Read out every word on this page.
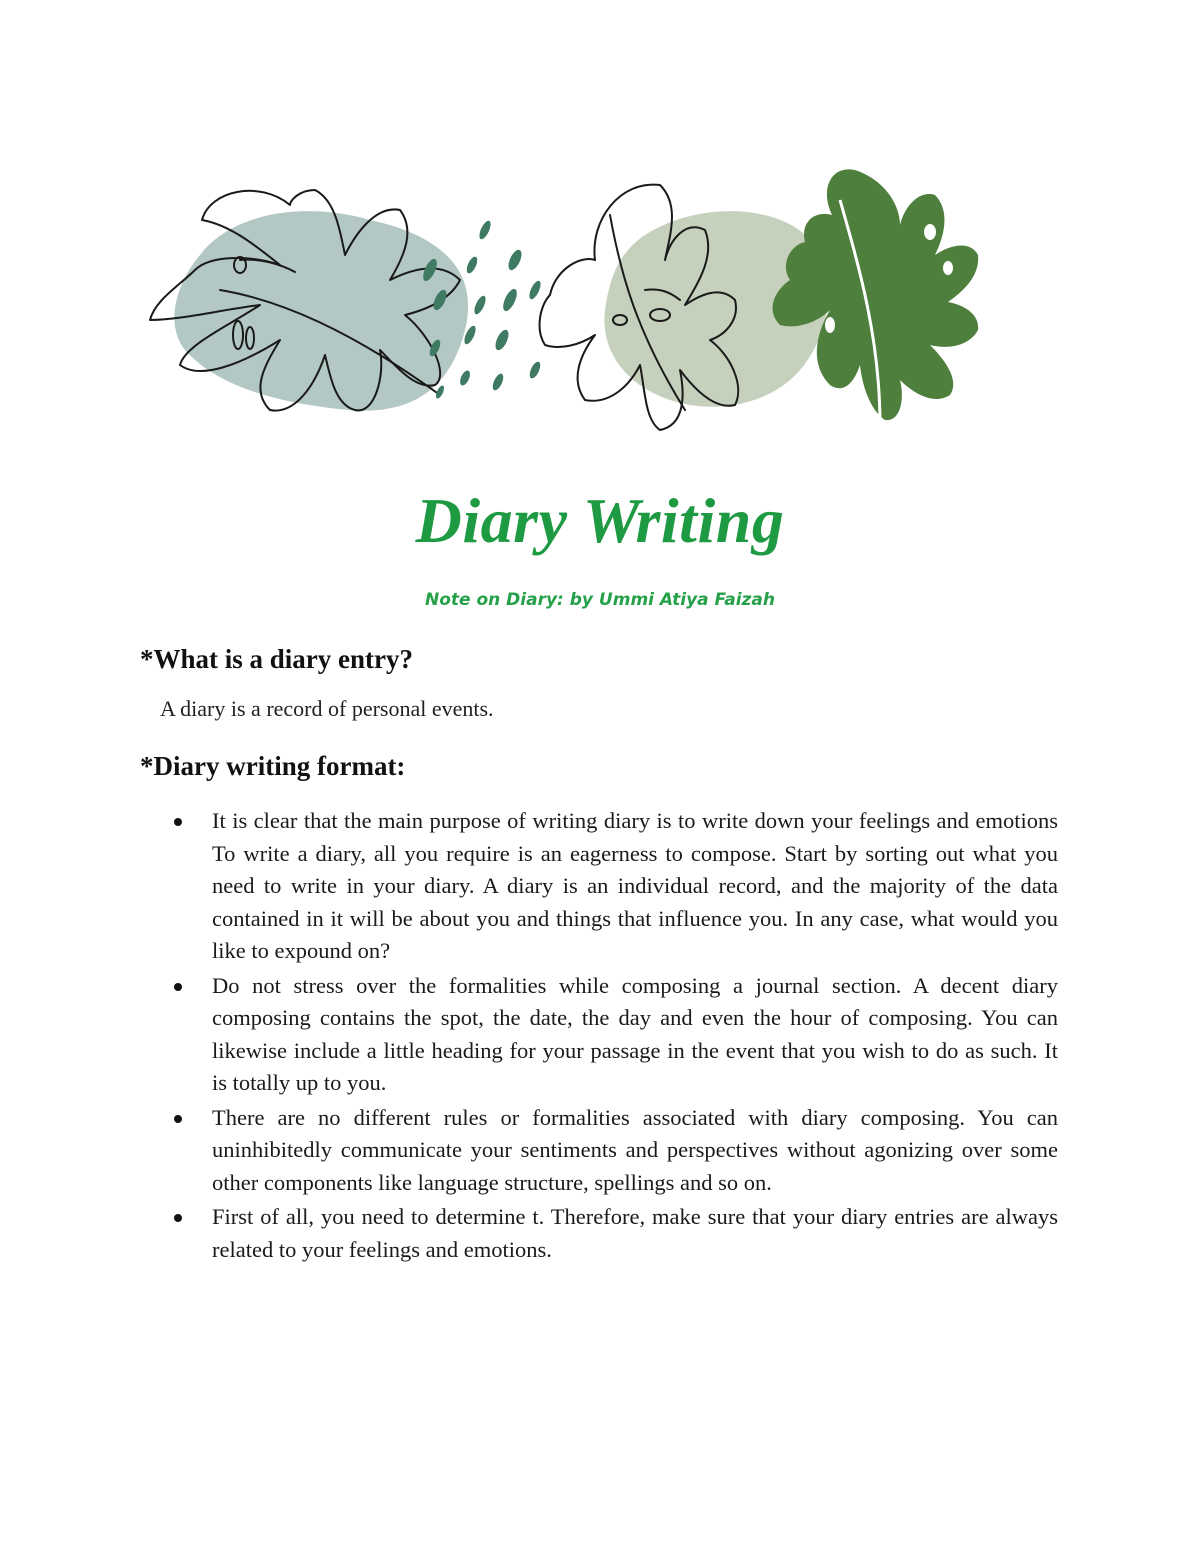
Diary Writing

Note on Diary: by Ummi Atiya Faizah

*What is a diary entry?

A diary is a record of personal events.

*Diary writing format:
It is clear that the main purpose of writing diary is to write down your feelings and emotions To write a diary, all you require is an eagerness to compose. Start by sorting out what you need to write in your diary. A diary is an individual record, and the majority of the data contained in it will be about you and things that influence you. In any case, what would you like to expound on?
Do not stress over the formalities while composing a journal section. A decent diary composing contains the spot, the date, the day and even the hour of composing. You can likewise include a little heading for your passage in the event that you wish to do as such. It is totally up to you.
There are no different rules or formalities associated with diary composing. You can uninhibitedly communicate your sentiments and perspectives without agonizing over some other components like language structure, spellings and so on.
First of all, you need to determine t. Therefore, make sure that your diary entries are always related to your feelings and emotions.
